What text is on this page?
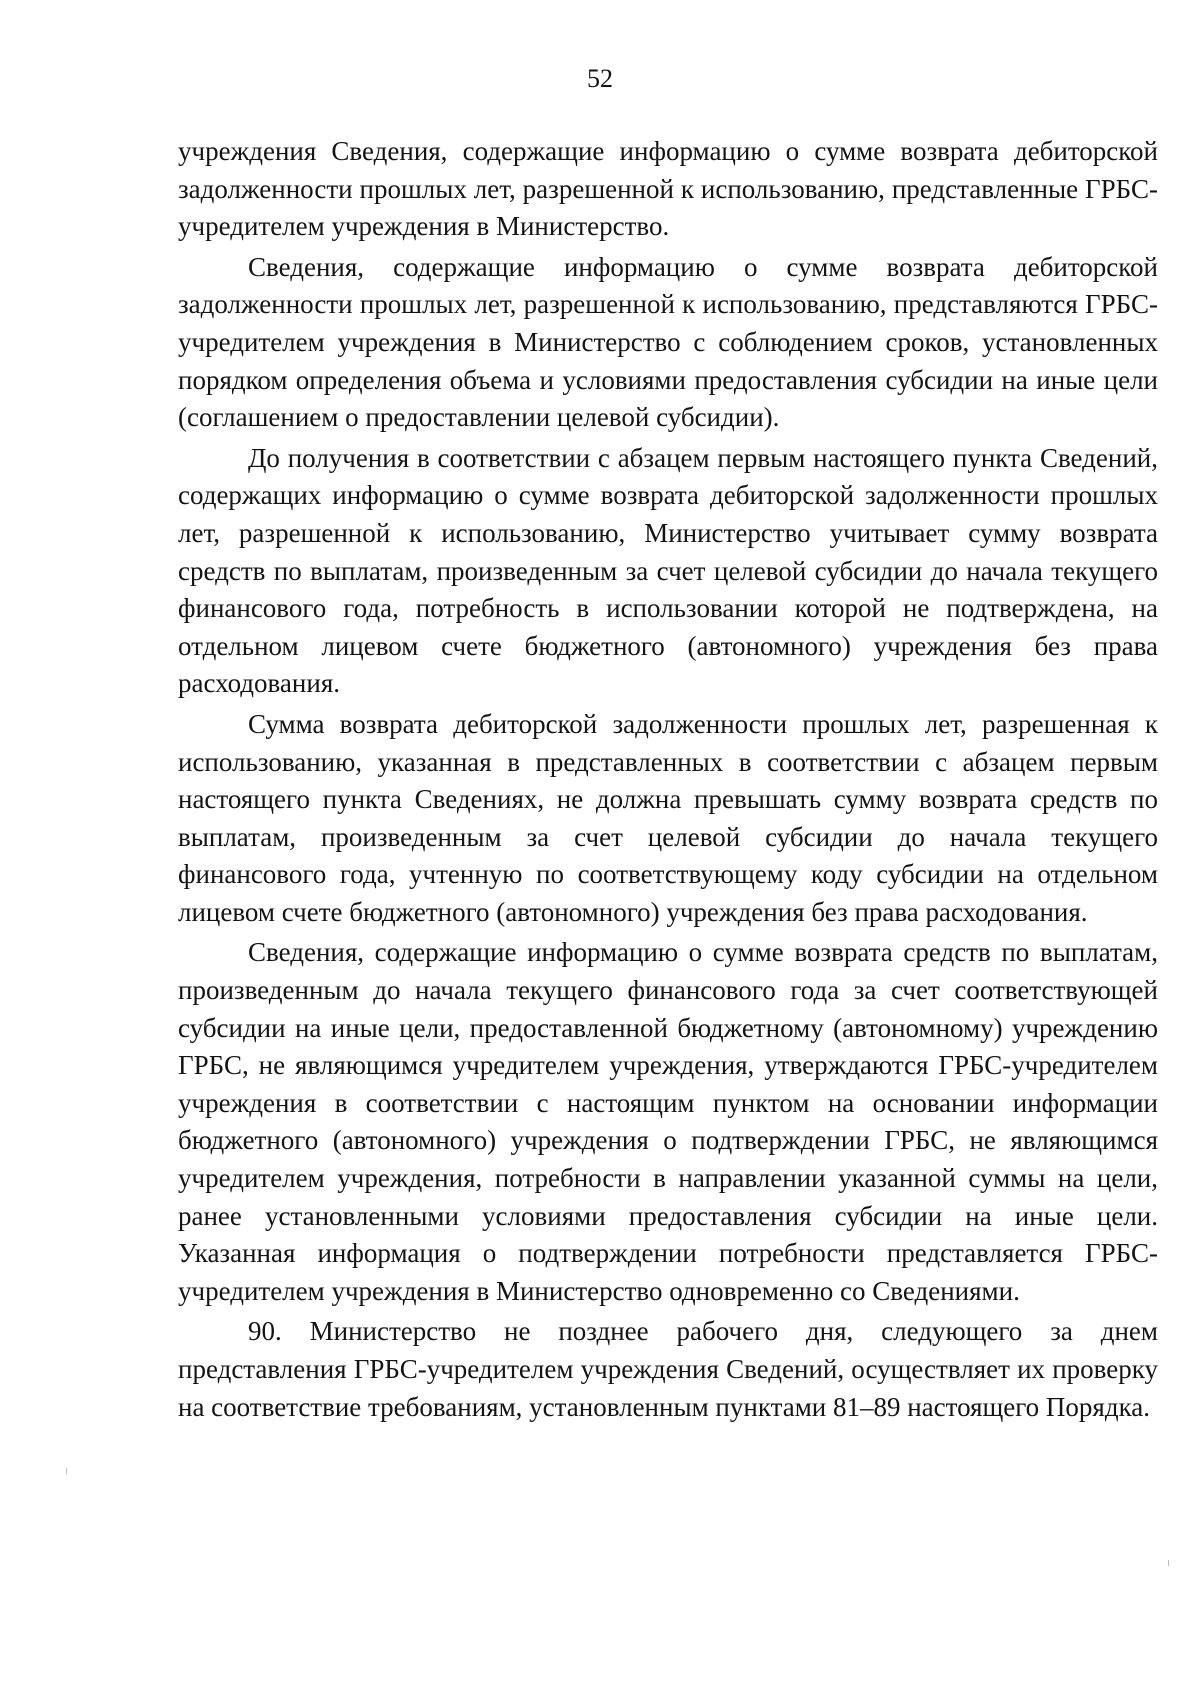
52

учреждения Сведения, содержащие информацию о сумме возврата дебиторской задолженности прошлых лет, разрешенной к использованию, представленные ГРБС-учредителем учреждения в Министерство.

Сведения, содержащие информацию о сумме возврата дебиторской задолженности прошлых лет, разрешенной к использованию, представляются ГРБС-учредителем учреждения в Министерство с соблюдением сроков, установленных порядком определения объема и условиями предоставления субсидии на иные цели (соглашением о предоставлении целевой субсидии).

До получения в соответствии с абзацем первым настоящего пункта Сведений, содержащих информацию о сумме возврата дебиторской задолженности прошлых лет, разрешенной к использованию, Министерство учитывает сумму возврата средств по выплатам, произведенным за счет целевой субсидии до начала текущего финансового года, потребность в использовании которой не подтверждена, на отдельном лицевом счете бюджетного (автономного) учреждения без права расходования.

Сумма возврата дебиторской задолженности прошлых лет, разрешенная к использованию, указанная в представленных в соответствии с абзацем первым настоящего пункта Сведениях, не должна превышать сумму возврата средств по выплатам, произведенным за счет целевой субсидии до начала текущего финансового года, учтенную по соответствующему коду субсидии на отдельном лицевом счете бюджетного (автономного) учреждения без права расходования.

Сведения, содержащие информацию о сумме возврата средств по выплатам, произведенным до начала текущего финансового года за счет соответствующей субсидии на иные цели, предоставленной бюджетному (автономному) учреждению ГРБС, не являющимся учредителем учреждения, утверждаются ГРБС-учредителем учреждения в соответствии с настоящим пунктом на основании информации бюджетного (автономного) учреждения о подтверждении ГРБС, не являющимся учредителем учреждения, потребности в направлении указанной суммы на цели, ранее установленными условиями предоставления субсидии на иные цели. Указанная информация о подтверждении потребности представляется ГРБС-учредителем учреждения в Министерство одновременно со Сведениями.

90. Министерство не позднее рабочего дня, следующего за днем представления ГРБС-учредителем учреждения Сведений, осуществляет их проверку на соответствие требованиям, установленным пунктами 81–89 настоящего Порядка.
